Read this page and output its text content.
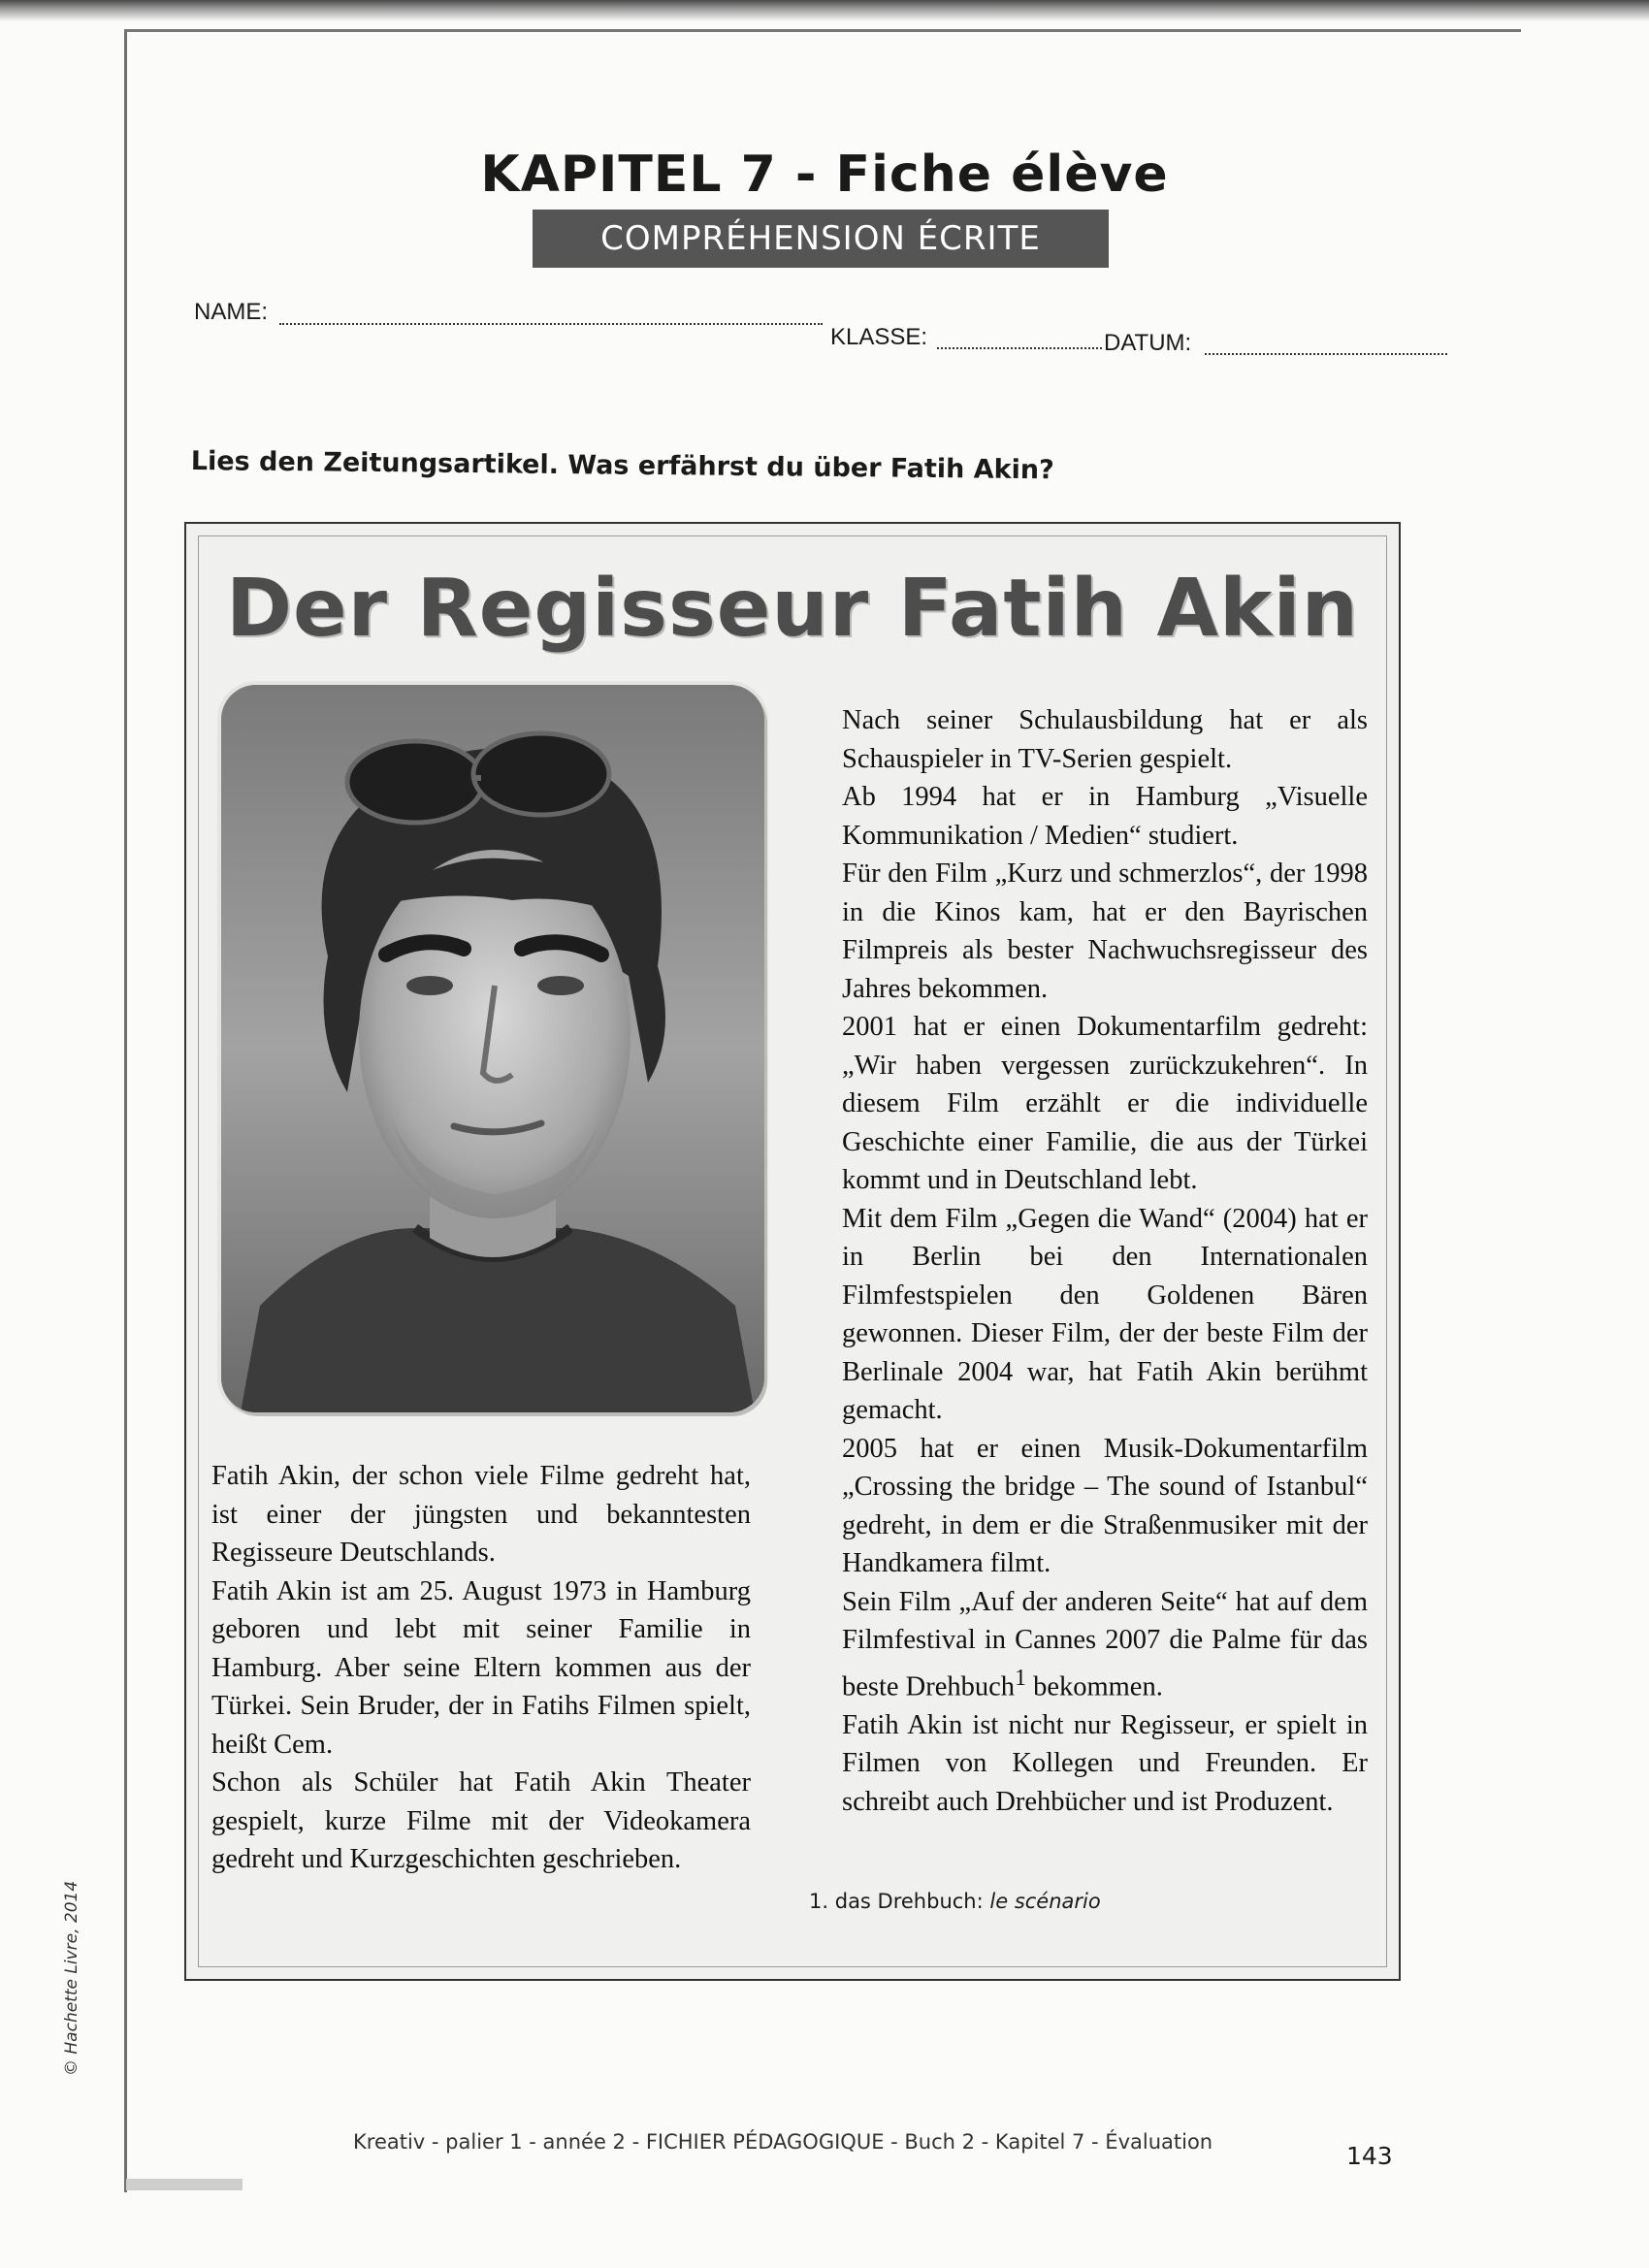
KAPITEL 7 - Fiche élève
COMPRÉHENSION ÉCRITE
NAME:
KLASSE:	DATUM:
Lies den Zeitungsartikel. Was erfährst du über Fatih Akin?
Der Regisseur Fatih Akin

Fatih Akin, der schon viele Filme gedreht hat, ist einer der jüngsten und bekanntesten Regisseure Deutschlands.

Fatih Akin ist am 25. August 1973 in Hamburg geboren und lebt mit seiner Familie in Hamburg. Aber seine Eltern kommen aus der Türkei. Sein Bruder, der in Fatihs Filmen spielt, heißt Cem.

Schon als Schüler hat Fatih Akin Theater gespielt, kurze Filme mit der Videokamera gedreht und Kurzgeschichten geschrieben.

Nach seiner Schulausbildung hat er als Schauspieler in TV-Serien gespielt.

Ab 1994 hat er in Hamburg „Visuelle Kommunikation / Medien“ studiert.

Für den Film „Kurz und schmerzlos“, der 1998 in die Kinos kam, hat er den Bayrischen Filmpreis als bester Nachwuchsregisseur des Jahres bekommen.

2001 hat er einen Dokumentarfilm gedreht: „Wir haben vergessen zurückzukehren“. In diesem Film erzählt er die individuelle Geschichte einer Familie, die aus der Türkei kommt und in Deutschland lebt.

Mit dem Film „Gegen die Wand“ (2004) hat er in Berlin bei den Internationalen Filmfestspielen den Goldenen Bären gewonnen. Dieser Film, der der beste Film der Berlinale 2004 war, hat Fatih Akin berühmt gemacht.

2005 hat er einen Musik-Dokumentarfilm „Crossing the bridge – The sound of Istanbul“ gedreht, in dem er die Straßenmusiker mit der Handkamera filmt.

Sein Film „Auf der anderen Seite“ hat auf dem Filmfestival in Cannes 2007 die Palme für das beste Drehbuch$^1$ bekommen.

Fatih Akin ist nicht nur Regisseur, er spielt in Filmen von Kollegen und Freunden. Er schreibt auch Drehbücher und ist Produzent.

1. das Drehbuch: le scénario
© Hachette Livre, 2014
Kreativ - palier 1 - année 2 - FICHIER PÉDAGOGIQUE - Buch 2 - Kapitel 7 - Évaluation	143
